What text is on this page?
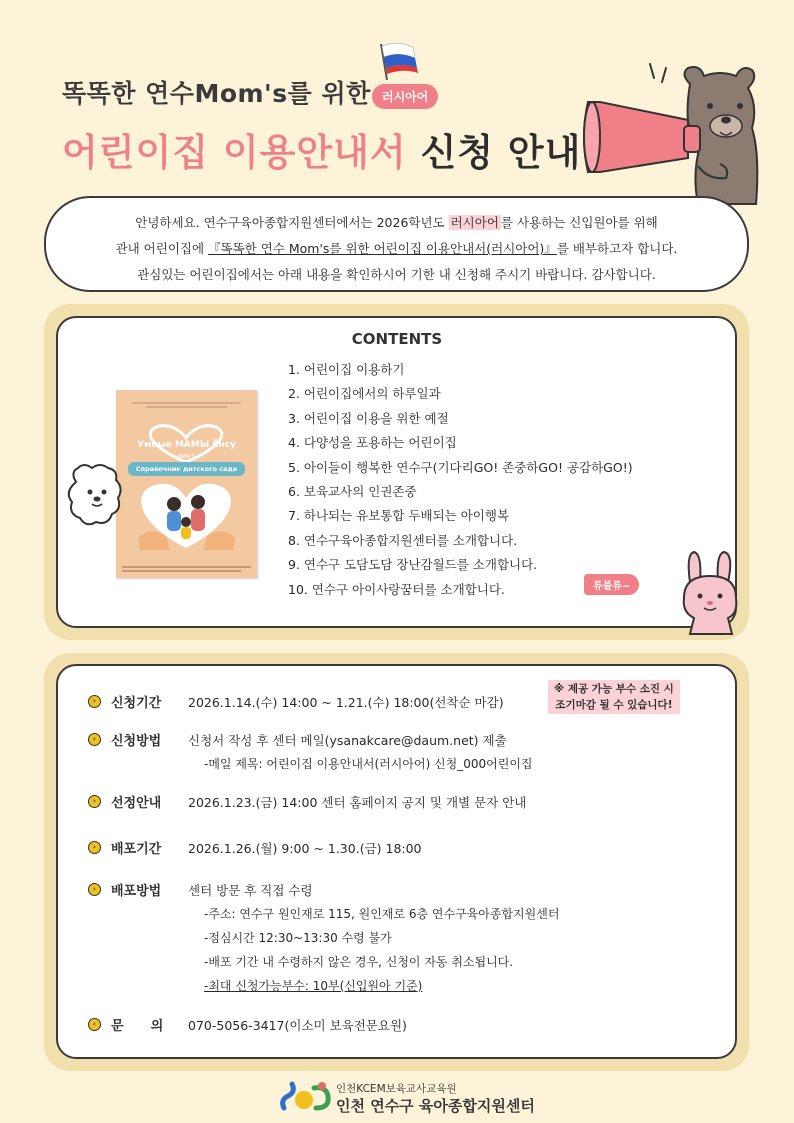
똑똑한 연수Mom's를 위한 러시아어
어린이집 이용안내서 신청 안내
안녕하세요. 연수구육아종합지원센터에서는 2026학년도 러시아어 를 사용하는 신입원아를 위해
관내 어린이집에 『똑똑한 연수 Mom's를 위한 어린이집 이용안내서(러시아어)』를 배부하고자 합니다.
관심있는 어린이집에서는 아래 내용을 확인하시어 기한 내 신청해 주시기 바랍니다. 감사합니다.
CONTENTS
1. 어린이집 이용하기
2. 어린이집에서의 하루일과
3. 어린이집 이용을 위한 예절
4. 다양성을 포용하는 어린이집
5. 아이들이 행복한 연수구(기다리GO! 존중하GO! 공감하GO!)
6. 보육교사의 인권존중
7. 하나되는 유보통합 두배되는 아이행복
8. 연수구육아종합지원센터를 소개합니다.
9. 연수구 도담도담 장난감월드를 소개합니다.
10. 연수구 아이사랑꿈터를 소개합니다.
Умные МАМЫ Ёнсу
MOM'S
Справочник детского сада
류블류~
※ 제공 가능 부수 소진 시
조기마감 될 수 있습니다!
›	신청기간 2026.1.14.(수) 14:00 ~ 1.21.(수) 18:00(선착순 마감)
›	신청방법 신청서 작성 후 센터 메일(ysanakcare@daum.net) 제출
-메일 제목: 어린이집 이용안내서(러시아어) 신청_000어린이집
›	선정안내 2026.1.23.(금) 14:00 센터 홈페이지 공지 및 개별 문자 안내
›	배포기간 2026.1.26.(월) 9:00 ~ 1.30.(금) 18:00
›	배포방법 센터 방문 후 직접 수령
-주소: 연수구 원인재로 115, 원인재로 6층 연수구육아종합지원센터
-점심시간 12:30~13:30 수령 불가
-배포 기간 내 수령하지 않은 경우, 신청이 자동 취소됩니다.
-최대 신청가능부수: 10부(신입원아 기준)
›	문      의 070-5056-3417(이소미 보육전문요원)
인천KCEM보육교사교육원
인천 연수구 육아종합지원센터
